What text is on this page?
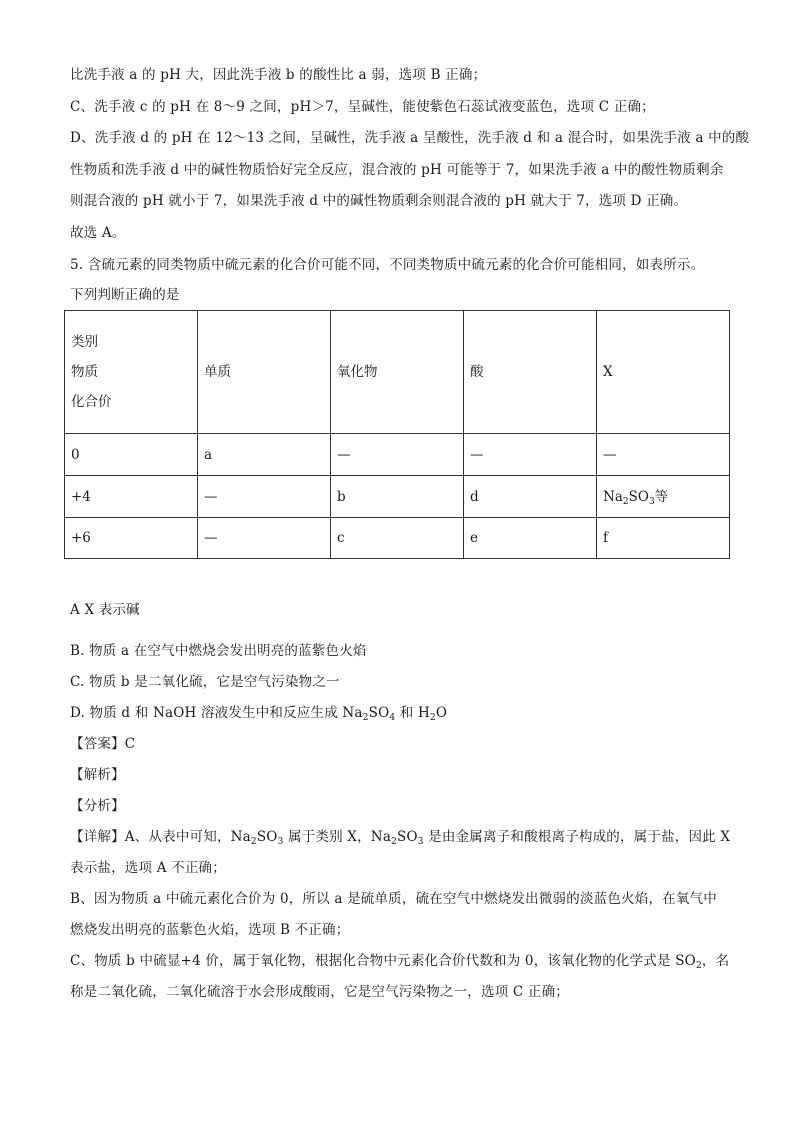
比洗手液 a 的 pH 大，因此洗手液 b 的酸性比 a 弱，选项 B 正确；
C、洗手液 c 的 pH 在 8～9 之间，pH＞7，呈碱性，能使紫色石蕊试液变蓝色，选项 C 正确；
D、洗手液 d 的 pH 在 12～13 之间，呈碱性，洗手液 a 呈酸性，洗手液 d 和 a 混合时，如果洗手液 a 中的酸
性物质和洗手液 d 中的碱性物质恰好完全反应，混合液的 pH 可能等于 7，如果洗手液 a 中的酸性物质剩余
则混合液的 pH 就小于 7，如果洗手液 d 中的碱性物质剩余则混合液的 pH 就大于 7，选项 D 正确。
故选 A。
5. 含硫元素的同类物质中硫元素的化合价可能不同，不同类物质中硫元素的化合价可能相同，如表所示。
下列判断正确的是
类别
物质
化合价	单质	氧化物	酸	X
0	a	—	—	—
+4	—	b	d	$Na_2SO_3$等
+6	—	c	e	f
A X 表示碱
B. 物质 a 在空气中燃烧会发出明亮的蓝紫色火焰
C. 物质 b 是二氧化硫，它是空气污染物之一
D. 物质 d 和 NaOH 溶液发生中和反应生成 $Na_2SO_4$ 和 $H_2O$
【答案】C
【解析】
【分析】
【详解】A、从表中可知，$Na_2SO_3$ 属于类别 X，$Na_2SO_3$ 是由金属离子和酸根离子构成的，属于盐，因此 X
表示盐，选项 A 不正确；
B、因为物质 a 中硫元素化合价为 0，所以 a 是硫单质，硫在空气中燃烧发出微弱的淡蓝色火焰，在氧气中
燃烧发出明亮的蓝紫色火焰，选项 B 不正确；
C、物质 b 中硫显+4 价，属于氧化物，根据化合物中元素化合价代数和为 0，该氧化物的化学式是 $SO_2$，名
称是二氧化硫，二氧化硫溶于水会形成酸雨，它是空气污染物之一，选项 C 正确；
